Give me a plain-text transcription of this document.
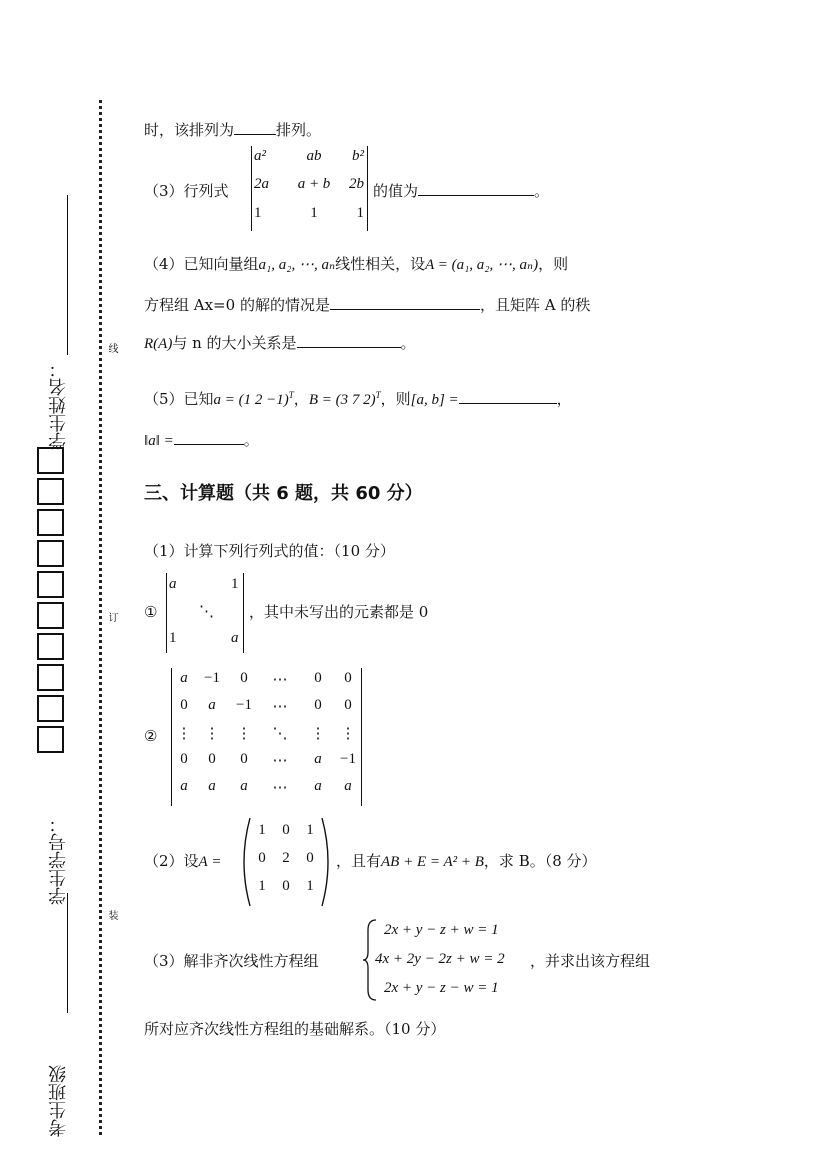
线
订
装
学生姓名：
学生学号：
考生班级
时，该排列为	排列。
（3）行列式
a²	ab	b²
2a	a + b	2b
1	1	1
的值为	。
（4）已知向量组a₁, a₂, ⋯, aₙ线性相关，设A = (a₁, a₂, ⋯, aₙ)，则
方程组 Ax=0 的解的情况是	，且矩阵 A 的秩
R(A)与 n 的大小关系是	。
（5）已知a = (1 2 −1)$^T$，B = (3 7 2)$^T$，则[a, b] =	，
‖a‖ =	。
三、计算题（共 6 题，共 60 分）
（1）计算下列行列式的值：（10 分）
①
a	1
⋱
1	a
，其中未写出的元素都是 0
②
a	−1	0	⋯	0	0
0	a	−1	⋯	0	0
⋮ ⋮	⋮	⋱	⋮	⋮
0	0	0	⋯	a	−1
a	a	a	⋯	a	a
（2）设A =
1	0	1
0	2	0
1	0	1
，且有AB + E = A² + B，求 B。（8 分）
（3）解非齐次线性方程组
2x + y − z + w = 1
4x + 2y − 2z + w = 2
2x + y − z − w = 1
，并求出该方程组
所对应齐次线性方程组的基础解系。（10 分）
